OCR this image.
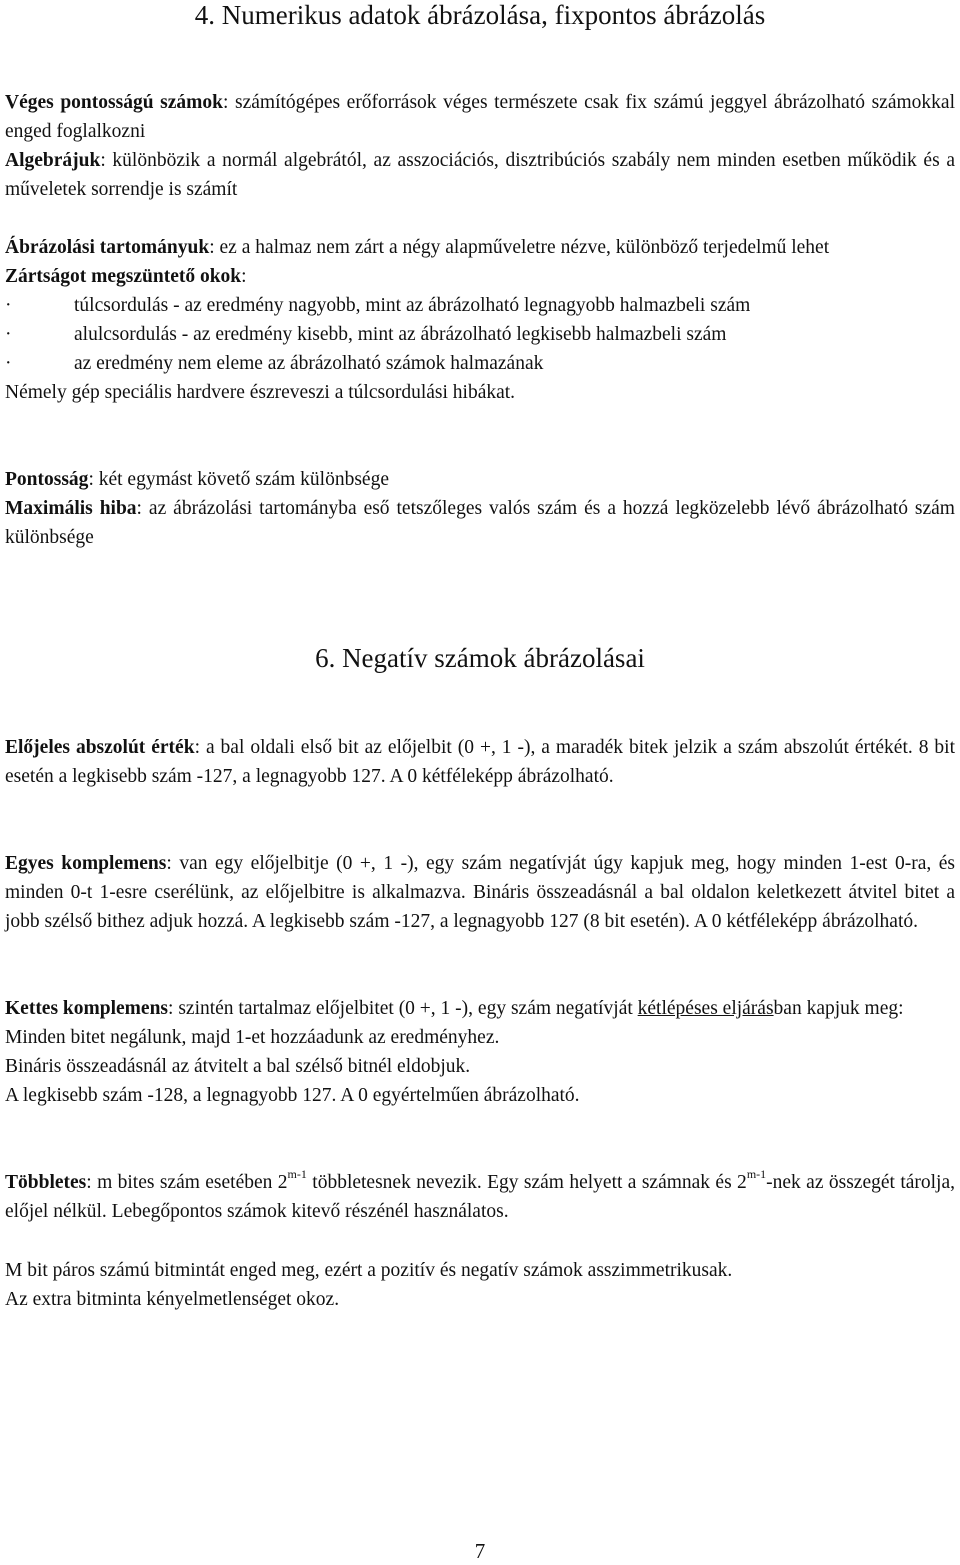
4. Numerikus adatok ábrázolása, fixpontos ábrázolás

Véges pontosságú számok: számítógépes erőforrások véges természete csak fix számú jeggyel ábrázolható számokkal enged foglalkozni

Algebrájuk: különbözik a normál algebrától, az asszociációs, disztribúciós szabály nem minden esetben működik és a műveletek sorrendje is számít

Ábrázolási tartományuk: ez a halmaz nem zárt a négy alapműveletre nézve, különböző terjedelmű lehet

Zártságot megszüntető okok:

·	túlcsordulás - az eredmény nagyobb, mint az ábrázolható legnagyobb halmazbeli szám
·	alulcsordulás - az eredmény kisebb, mint az ábrázolható legkisebb halmazbeli szám
·	az eredmény nem eleme az ábrázolható számok halmazának

Némely gép speciális hardvere észreveszi a túlcsordulási hibákat.

Pontosság: két egymást követő szám különbsége

Maximális hiba: az ábrázolási tartományba eső tetszőleges valós szám és a hozzá legközelebb lévő ábrázolható szám különbsége

6. Negatív számok ábrázolásai

Előjeles abszolút érték: a bal oldali első bit az előjelbit (0 +, 1 -), a maradék bitek jelzik a szám abszolút értékét. 8 bit esetén a legkisebb szám -127, a legnagyobb 127. A 0 kétféleképp ábrázolható.

Egyes komplemens: van egy előjelbitje (0 +, 1 -), egy szám negatívját úgy kapjuk meg, hogy minden 1-est 0-ra, és minden 0-t 1-esre cserélünk, az előjelbitre is alkalmazva. Bináris összeadásnál a bal oldalon keletkezett átvitel bitet a jobb szélső bithez adjuk hozzá. A legkisebb szám -127, a legnagyobb 127 (8 bit esetén). A 0 kétféleképp ábrázolható.

Kettes komplemens: szintén tartalmaz előjelbitet (0 +, 1 -), egy szám negatívját kétlépéses eljárásban kapjuk meg:

Minden bitet negálunk, majd 1-et hozzáadunk az eredményhez.

Bináris összeadásnál az átvitelt a bal szélső bitnél eldobjuk.

A legkisebb szám -128, a legnagyobb 127. A 0 egyértelműen ábrázolható.

Többletes: m bites szám esetében 2$^{m-1}$ többletesnek nevezik. Egy szám helyett a számnak és 2$^{m-1}$-nek az összegét tárolja, előjel nélkül. Lebegőpontos számok kitevő részénél használatos.

M bit páros számú bitmintát enged meg, ezért a pozitív és negatív számok asszimmetrikusak.

Az extra bitminta kényelmetlenséget okoz.

7
